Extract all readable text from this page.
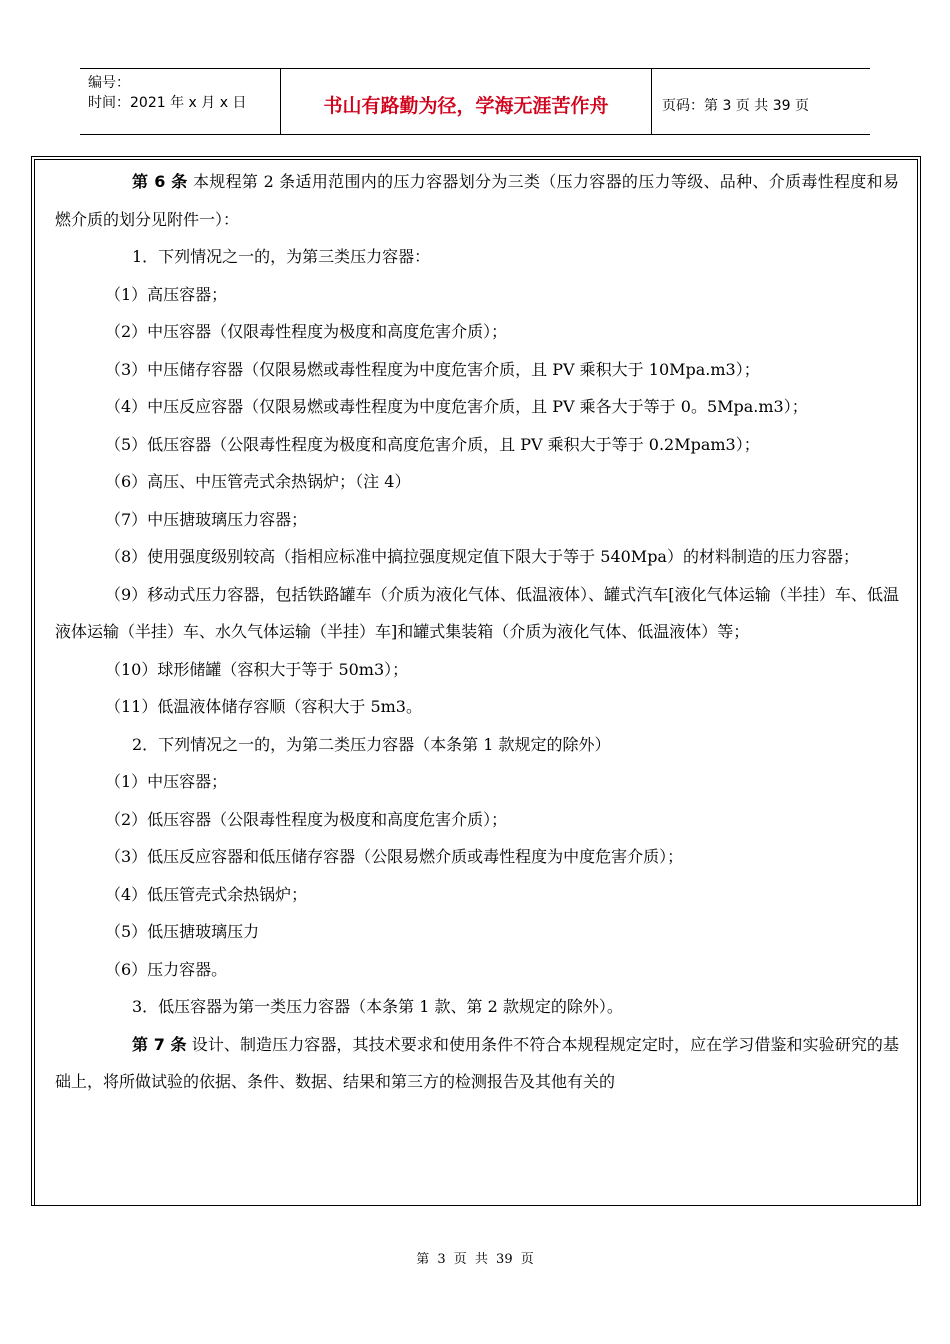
编号：
时间：2021 年 x 月 x 日	书山有路勤为径，学海无涯苦作舟	页码：第 3 页 共 39 页

第 6 条 本规程第 2 条适用范围内的压力容器划分为三类（压力容器的压力等级、品种、介质毒性程度和易燃介质的划分见附件一）：

1．下列情况之一的，为第三类压力容器：

（1）高压容器；

（2）中压容器（仅限毒性程度为极度和高度危害介质）；

（3）中压储存容器（仅限易燃或毒性程度为中度危害介质，且 PV 乘积大于 10Mpa.m3）；

（4）中压反应容器（仅限易燃或毒性程度为中度危害介质，且 PV 乘各大于等于 0。5Mpa.m3）；

（5）低压容器（公限毒性程度为极度和高度危害介质，且 PV 乘积大于等于 0.2Mpam3）；

（6）高压、中压管壳式余热锅炉；（注 4）

（7）中压搪玻璃压力容器；

（8）使用强度级别较高（指相应标准中搞拉强度规定值下限大于等于 540Mpa）的材料制造的压力容器；

（9）移动式压力容器，包括铁路罐车（介质为液化气体、低温液体）、罐式汽车[液化气体运输（半挂）车、低温液体运输（半挂）车、水久气体运输（半挂）车]和罐式集装箱（介质为液化气体、低温液体）等；

（10）球形储罐（容积大于等于 50m3）；

（11）低温液体储存容顺（容积大于 5m3。

2．下列情况之一的，为第二类压力容器（本条第 1 款规定的除外）

（1）中压容器；

（2）低压容器（公限毒性程度为极度和高度危害介质）；

（3）低压反应容器和低压储存容器（公限易燃介质或毒性程度为中度危害介质）；

（4）低压管壳式余热锅炉；

（5）低压搪玻璃压力

（6）压力容器。

3．低压容器为第一类压力容器（本条第 1 款、第 2 款规定的除外）。

第 7 条 设计、制造压力容器，其技术要求和使用条件不符合本规程规定定时，应在学习借鉴和实验研究的基础上，将所做试验的依据、条件、数据、结果和第三方的检测报告及其他有关的

第 3 页 共 39 页
